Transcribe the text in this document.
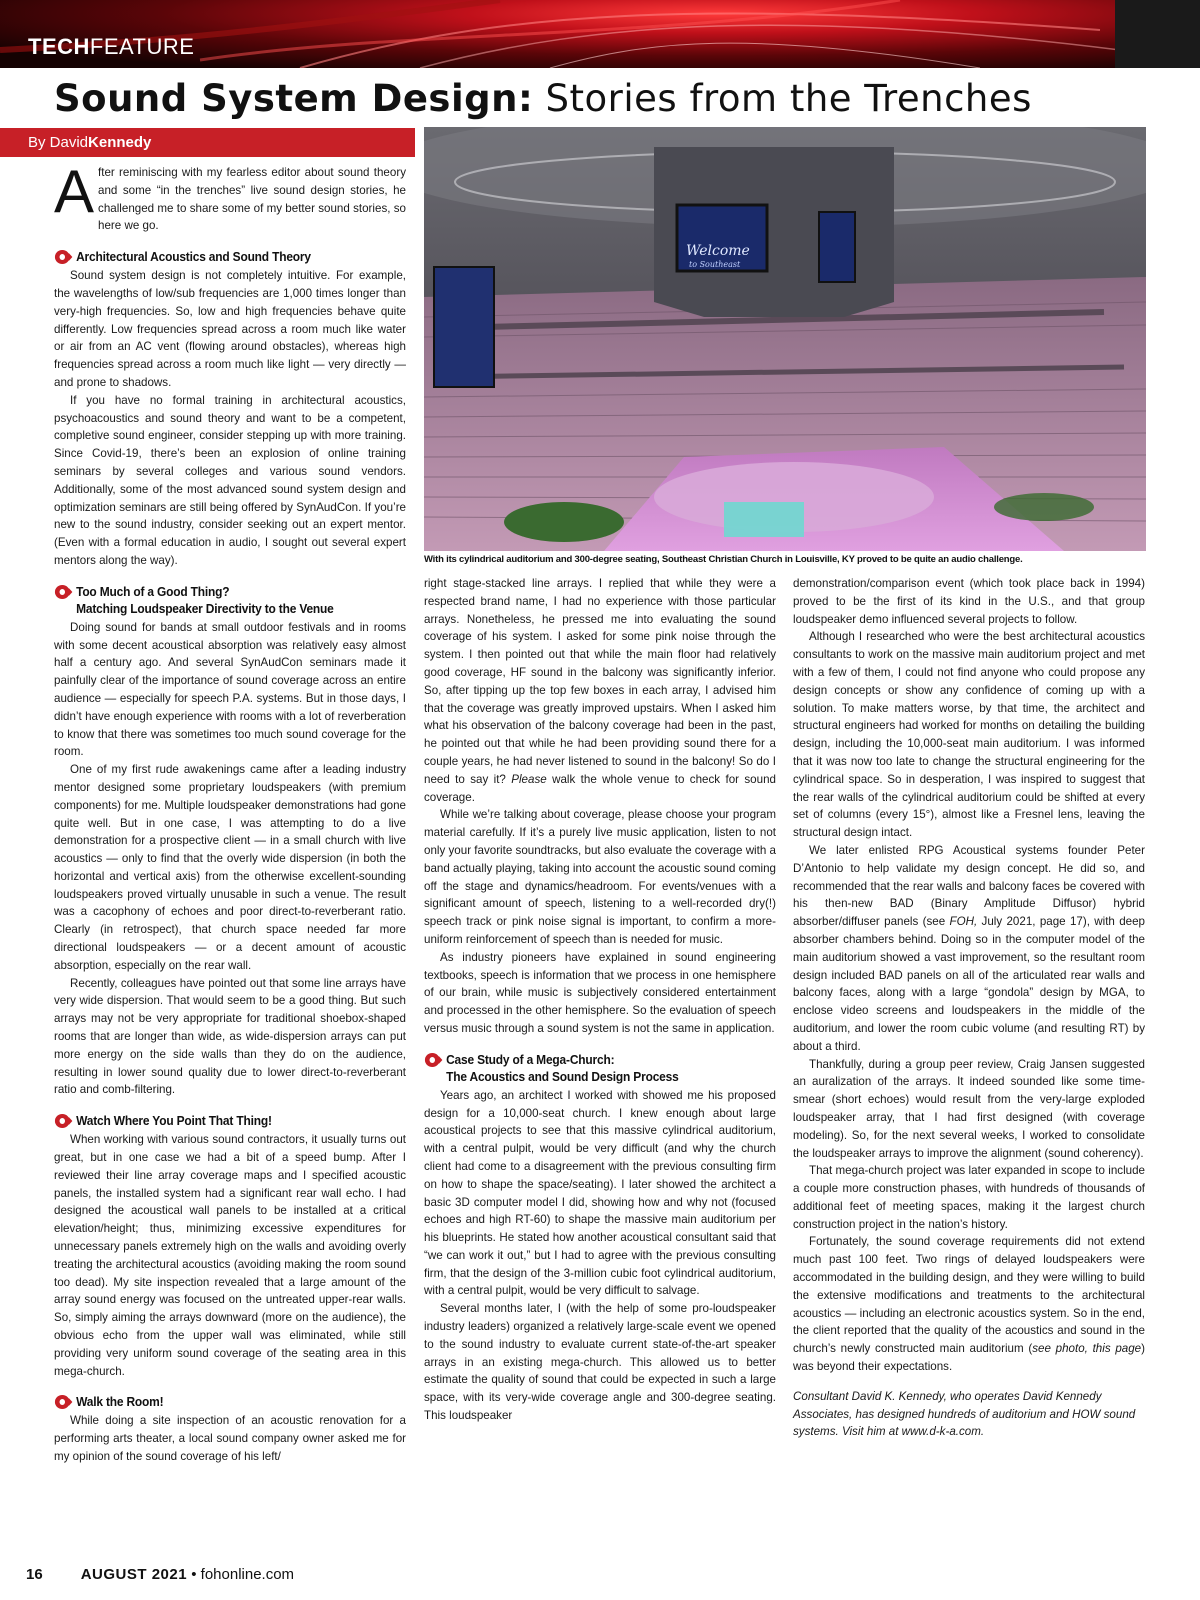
TECHFEATURE
Sound System Design: Stories from the Trenches
By DavidKennedy
Welcome
to Southeast
With its cylindrical auditorium and 300-degree seating, Southeast Christian Church in Louisville, KY proved to be quite an audio challenge.

After reminiscing with my fearless editor about sound theory and some “in the trenches” live sound design stories, he challenged me to share some of my better sound stories, so here we go.

Architectural Acoustics and Sound Theory

Sound system design is not completely intuitive. For example, the wavelengths of low/sub frequencies are 1,000 times longer than very-high frequencies. So, low and high frequencies behave quite differently. Low frequencies spread across a room much like water or air from an AC vent (flowing around obstacles), whereas high frequencies spread across a room much like light — very directly — and prone to shadows.

If you have no formal training in architectural acoustics, psychoacoustics and sound theory and want to be a competent, completive sound engineer, consider stepping up with more training. Since Covid-19, there’s been an explosion of online training seminars by several colleges and various sound vendors. Additionally, some of the most advanced sound system design and optimization seminars are still being offered by SynAudCon. If you’re new to the sound industry, consider seeking out an expert mentor. (Even with a formal education in audio, I sought out several expert mentors along the way).

Too Much of a Good Thing?
Matching Loudspeaker Directivity to the Venue

Doing sound for bands at small outdoor festivals and in rooms with some decent acoustical absorption was relatively easy almost half a century ago. And several SynAudCon seminars made it painfully clear of the importance of sound coverage across an entire audience — especially for speech P.A. systems. But in those days, I didn’t have enough experience with rooms with a lot of reverberation to know that there was sometimes too much sound coverage for the room.

One of my first rude awakenings came after a leading industry mentor designed some proprietary loudspeakers (with premium components) for me. Multiple loudspeaker demonstrations had gone quite well. But in one case, I was attempting to do a live demonstration for a prospective client — in a small church with live acoustics — only to find that the overly wide dispersion (in both the horizontal and vertical axis) from the otherwise excellent-sounding loudspeakers proved virtually unusable in such a venue. The result was a cacophony of echoes and poor direct-to-reverberant ratio. Clearly (in retrospect), that church space needed far more directional loudspeakers — or a decent amount of acoustic absorption, especially on the rear wall.

Recently, colleagues have pointed out that some line arrays have very wide dispersion. That would seem to be a good thing. But such arrays may not be very appropriate for traditional shoebox-shaped rooms that are longer than wide, as wide-dispersion arrays can put more energy on the side walls than they do on the audience, resulting in lower sound quality due to lower direct-to-reverberant ratio and comb-filtering.

Watch Where You Point That Thing!

When working with various sound contractors, it usually turns out great, but in one case we had a bit of a speed bump. After I reviewed their line array coverage maps and I specified acoustic panels, the installed system had a significant rear wall echo. I had designed the acoustical wall panels to be installed at a critical elevation/height; thus, minimizing excessive expenditures for unnecessary panels extremely high on the walls and avoiding overly treating the architectural acoustics (avoiding making the room sound too dead). My site inspection revealed that a large amount of the array sound energy was focused on the untreated upper-rear walls. So, simply aiming the arrays downward (more on the audience), the obvious echo from the upper wall was eliminated, while still providing very uniform sound coverage of the seating area in this mega-church.

Walk the Room!

While doing a site inspection of an acoustic renovation for a performing arts theater, a local sound company owner asked me for my opinion of the sound coverage of his left/

right stage-stacked line arrays. I replied that while they were a respected brand name, I had no experience with those particular arrays. Nonetheless, he pressed me into evaluating the sound coverage of his system. I asked for some pink noise through the system. I then pointed out that while the main floor had relatively good coverage, HF sound in the balcony was significantly inferior. So, after tipping up the top few boxes in each array, I advised him that the coverage was greatly improved upstairs. When I asked him what his observation of the balcony coverage had been in the past, he pointed out that while he had been providing sound there for a couple years, he had never listened to sound in the balcony! So do I need to say it? Please walk the whole venue to check for sound coverage.

While we’re talking about coverage, please choose your program material carefully. If it’s a purely live music application, listen to not only your favorite soundtracks, but also evaluate the coverage with a band actually playing, taking into account the acoustic sound coming off the stage and dynamics/headroom. For events/venues with a significant amount of speech, listening to a well-recorded dry(!) speech track or pink noise signal is important, to confirm a more-uniform reinforcement of speech than is needed for music.

As industry pioneers have explained in sound engineering textbooks, speech is information that we process in one hemisphere of our brain, while music is subjectively considered entertainment and processed in the other hemisphere. So the evaluation of speech versus music through a sound system is not the same in application.

Case Study of a Mega-Church:
The Acoustics and Sound Design Process

Years ago, an architect I worked with showed me his proposed design for a 10,000-seat church. I knew enough about large acoustical projects to see that this massive cylindrical auditorium, with a central pulpit, would be very difficult (and why the church client had come to a disagreement with the previous consulting firm on how to shape the space/seating). I later showed the architect a basic 3D computer model I did, showing how and why not (focused echoes and high RT-60) to shape the massive main auditorium per his blueprints. He stated how another acoustical consultant said that “we can work it out,” but I had to agree with the previous consulting firm, that the design of the 3-million cubic foot cylindrical auditorium, with a central pulpit, would be very difficult to salvage.

Several months later, I (with the help of some pro-loudspeaker industry leaders) organized a relatively large-scale event we opened to the sound industry to evaluate current state-of-the-art speaker arrays in an existing mega-church. This allowed us to better estimate the quality of sound that could be expected in such a large space, with its very-wide coverage angle and 300-degree seating. This loudspeaker

demonstration/comparison event (which took place back in 1994) proved to be the first of its kind in the U.S., and that group loudspeaker demo influenced several projects to follow.

Although I researched who were the best architectural acoustics consultants to work on the massive main auditorium project and met with a few of them, I could not find anyone who could propose any design concepts or show any confidence of coming up with a solution. To make matters worse, by that time, the architect and structural engineers had worked for months on detailing the building design, including the 10,000-seat main auditorium. I was informed that it was now too late to change the structural engineering for the cylindrical space. So in desperation, I was inspired to suggest that the rear walls of the cylindrical auditorium could be shifted at every set of columns (every 15°), almost like a Fresnel lens, leaving the structural design intact.

We later enlisted RPG Acoustical systems founder Peter D’Antonio to help validate my design concept. He did so, and recommended that the rear walls and balcony faces be covered with his then-new BAD (Binary Amplitude Diffusor) hybrid absorber/diffuser panels (see FOH, July 2021, page 17), with deep absorber chambers behind. Doing so in the computer model of the main auditorium showed a vast improvement, so the resultant room design included BAD panels on all of the articulated rear walls and balcony faces, along with a large “gondola” design by MGA, to enclose video screens and loudspeakers in the middle of the auditorium, and lower the room cubic volume (and resulting RT) by about a third.

Thankfully, during a group peer review, Craig Jansen suggested an auralization of the arrays. It indeed sounded like some time-smear (short echoes) would result from the very-large exploded loudspeaker array, that I had first designed (with coverage modeling). So, for the next several weeks, I worked to consolidate the loudspeaker arrays to improve the alignment (sound coherency).

That mega-church project was later expanded in scope to include a couple more construction phases, with hundreds of thousands of additional feet of meeting spaces, making it the largest church construction project in the nation’s history.

Fortunately, the sound coverage requirements did not extend much past 100 feet. Two rings of delayed loudspeakers were accommodated in the building design, and they were willing to build the extensive modifications and treatments to the architectural acoustics — including an electronic acoustics system. So in the end, the client reported that the quality of the acoustics and sound in the church’s newly constructed main auditorium (see photo, this page) was beyond their expectations.

Consultant David K. Kennedy, who operates David Kennedy Associates, has designed hundreds of auditorium and HOW sound systems. Visit him at www.d-k-a.com.

16	AUGUST 2021 • fohonline.com
